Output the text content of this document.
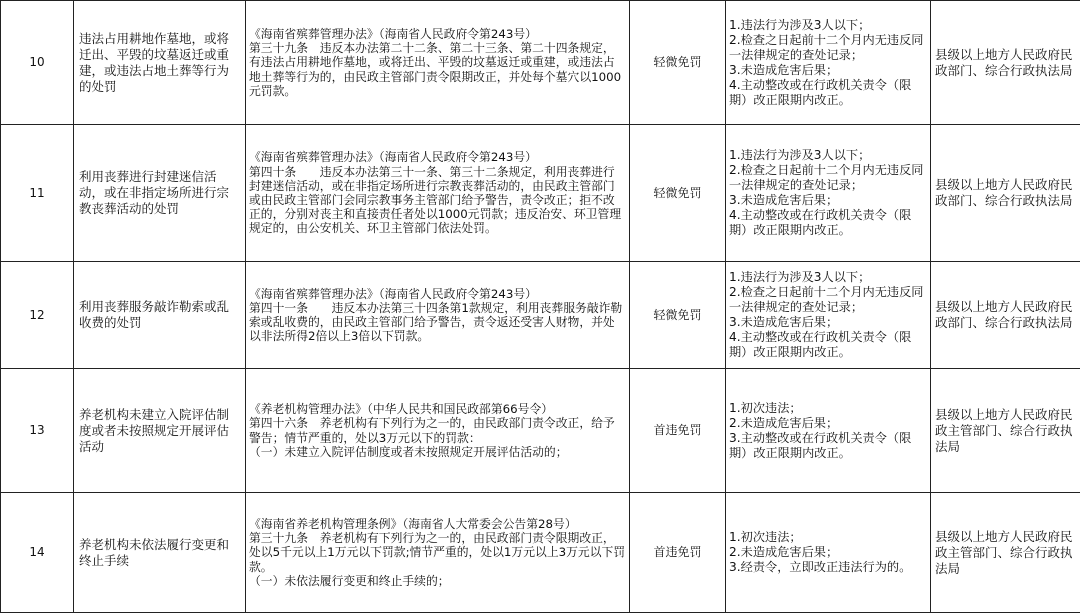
10	违法占用耕地作墓地，或将迁出、平毁的坟墓返迁或重建，或违法占地土葬等行为的处罚	《海南省殡葬管理办法》（海南省人民政府令第243号）
第三十九条　违反本办法第二十二条、第二十三条、第二十四条规定，有违法占用耕地作墓地，或将迁出、平毁的坟墓返迁或重建，或违法占地土葬等行为的，由民政主管部门责令限期改正，并处每个墓穴以1000元罚款。	轻微免罚	1.违法行为涉及3人以下；
2.检查之日起前十二个月内无违反同一法律规定的查处记录；
3.未造成危害后果；
4.主动整改或在行政机关责令（限期）改正限期内改正。	县级以上地方人民政府民政部门、综合行政执法局
11	利用丧葬进行封建迷信活动，或在非指定场所进行宗教丧葬活动的处罚	《海南省殡葬管理办法》（海南省人民政府令第243号）
第四十条　　违反本办法第三十一条、第三十二条规定，利用丧葬进行封建迷信活动，或在非指定场所进行宗教丧葬活动的，由民政主管部门或由民政主管部门会同宗教事务主管部门给予警告，责令改正；拒不改正的，分别对丧主和直接责任者处以1000元罚款；违反治安、环卫管理规定的，由公安机关、环卫主管部门依法处罚。	轻微免罚	1.违法行为涉及3人以下；
2.检查之日起前十二个月内无违反同一法律规定的查处记录；
3.未造成危害后果；
4.主动整改或在行政机关责令（限期）改正限期内改正。	县级以上地方人民政府民政部门、综合行政执法局
12	利用丧葬服务敲诈勒索或乱收费的处罚	《海南省殡葬管理办法》（海南省人民政府令第243号）
第四十一条　　违反本办法第三十四条第1款规定，利用丧葬服务敲诈勒索或乱收费的，由民政主管部门给予警告，责令返还受害人财物，并处以非法所得2倍以上3倍以下罚款。	轻微免罚	1.违法行为涉及3人以下；
2.检查之日起前十二个月内无违反同一法律规定的查处记录；
3.未造成危害后果；
4.主动整改或在行政机关责令（限期）改正限期内改正。	县级以上地方人民政府民政部门、综合行政执法局
13	养老机构未建立入院评估制度或者未按照规定开展评估活动	《养老机构管理办法》（中华人民共和国民政部第66号令）
第四十六条　养老机构有下列行为之一的，由民政部门责令改正，给予警告；情节严重的，处以3万元以下的罚款：
（一）未建立入院评估制度或者未按照规定开展评估活动的；	首违免罚	1.初次违法；
2.未造成危害后果；
3.主动整改或在行政机关责令（限期）改正限期内改正。	县级以上地方人民政府民政主管部门、综合行政执法局
14	养老机构未依法履行变更和终止手续	《海南省养老机构管理条例》（海南省人大常委会公告第28号）
第三十九条　养老机构有下列行为之一的，由民政部门责令限期改正，处以5千元以上1万元以下罚款;情节严重的，处以1万元以上3万元以下罚款。
（一）未依法履行变更和终止手续的；	首违免罚	1.初次违法；
2.未造成危害后果；
3.经责令，立即改正违法行为的。	县级以上地方人民政府民政主管部门、综合行政执法局
